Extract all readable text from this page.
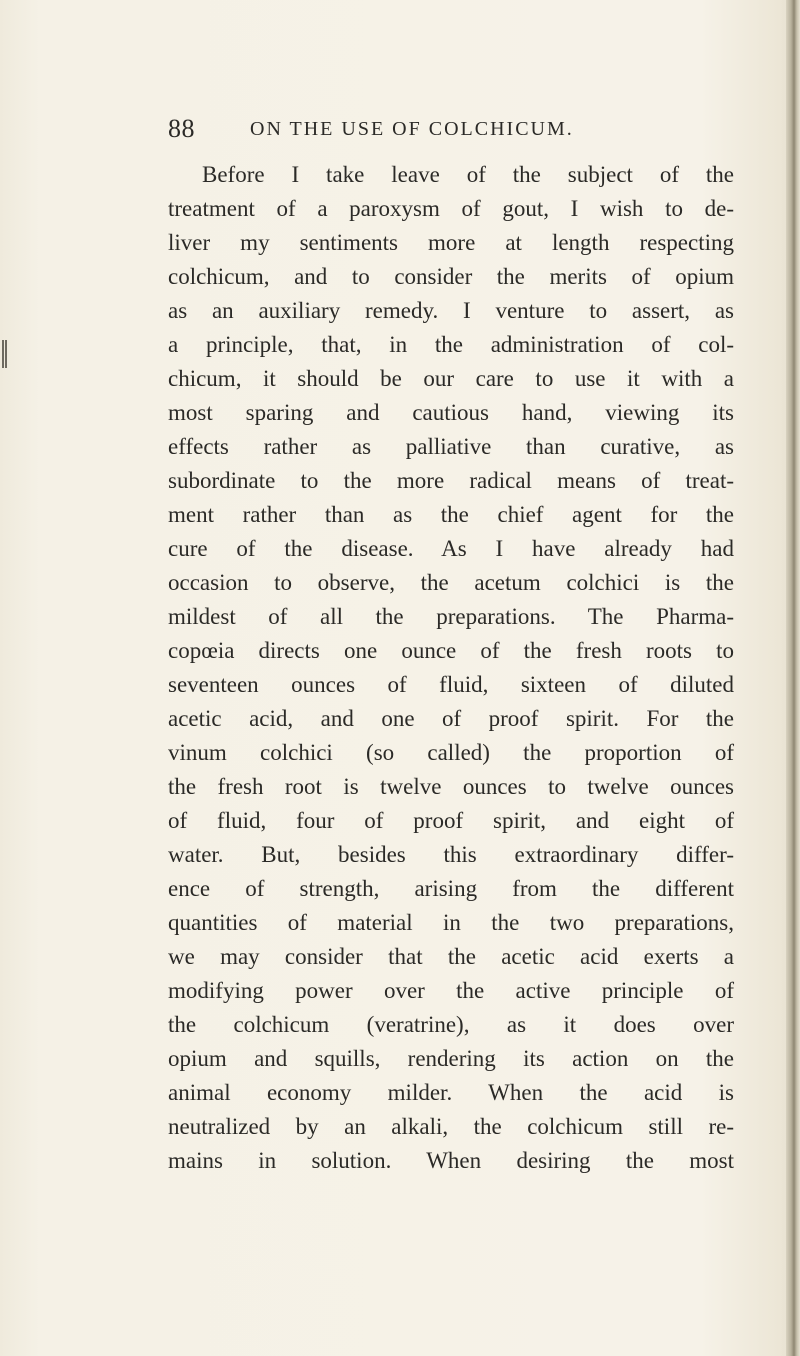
88	ON THE USE OF COLCHICUM.
Before I take leave of the subject of the
treatment of a paroxysm of gout, I wish to de-
liver my sentiments more at length respecting
colchicum, and to consider the merits of opium
as an auxiliary remedy. I venture to assert, as
a principle, that, in the administration of col-
chicum, it should be our care to use it with a
most sparing and cautious hand, viewing its
effects rather as palliative than curative, as
subordinate to the more radical means of treat-
ment rather than as the chief agent for the
cure of the disease. As I have already had
occasion to observe, the acetum colchici is the
mildest of all the preparations. The Pharma-
copœia directs one ounce of the fresh roots to
seventeen ounces of fluid, sixteen of diluted
acetic acid, and one of proof spirit. For the
vinum colchici (so called) the proportion of
the fresh root is twelve ounces to twelve ounces
of fluid, four of proof spirit, and eight of
water. But, besides this extraordinary differ-
ence of strength, arising from the different
quantities of material in the two preparations,
we may consider that the acetic acid exerts a
modifying power over the active principle of
the colchicum (veratrine), as it does over
opium and squills, rendering its action on the
animal economy milder. When the acid is
neutralized by an alkali, the colchicum still re-
mains in solution. When desiring the most
